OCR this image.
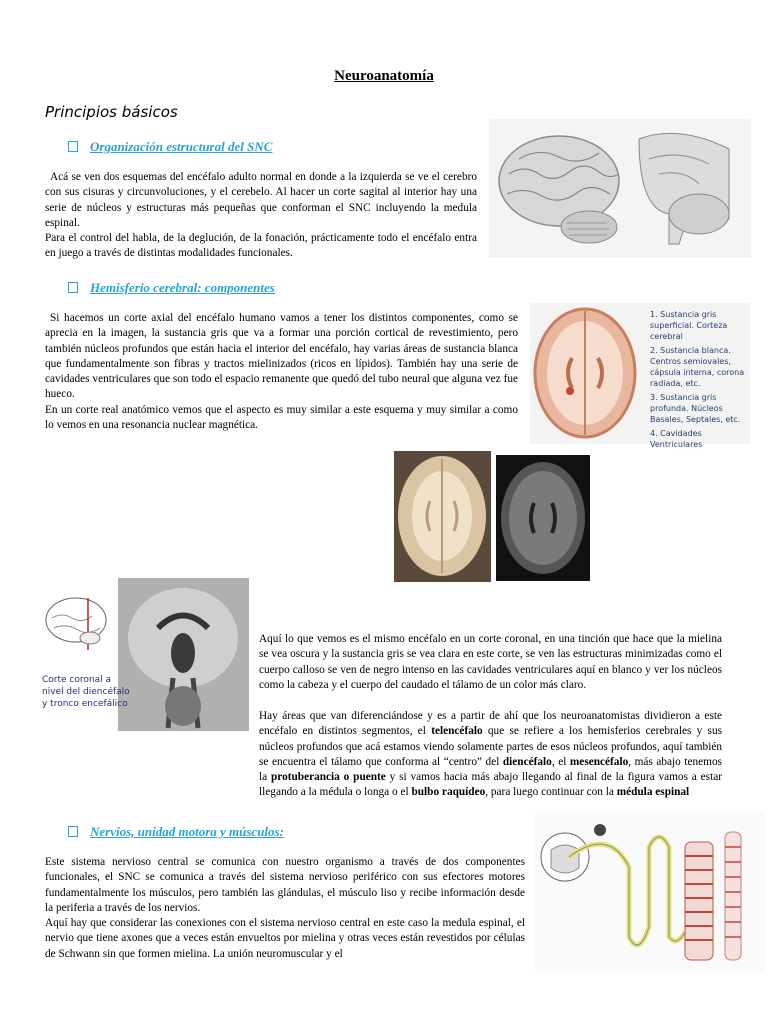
Neuroanatomía
Principios básicos
Organización estructural del SNC

Acá se ven dos esquemas del encéfalo adulto normal en donde a la izquierda se ve el cerebro con sus cisuras y circunvoluciones, y el cerebelo. Al hacer un corte sagital al interior hay una serie de núcleos y estructuras más pequeñas que conforman el SNC incluyendo la medula espinal.

Para el control del habla, de la deglución, de la fonación, prácticamente todo el encéfalo entra en juego a través de distintas modalidades funcionales.

Hemisferio cerebral: componentes

Si hacemos un corte axial del encéfalo humano vamos a tener los distintos componentes, como se aprecia en la imagen, la sustancia gris que va a formar una porción cortical de revestimiento, pero también núcleos profundos que están hacia el interior del encéfalo, hay varias áreas de sustancia blanca que fundamentalmente son fibras y tractos mielinizados (ricos en lípidos). También hay una serie de cavidades ventriculares que son todo el espacio remanente que quedó del tubo neural que alguna vez fue hueco.

En un corte real anatómico vemos que el aspecto es muy similar a este esquema y muy similar a como lo vemos en una resonancia nuclear magnética.

1. Sustancia gris superficial. Corteza cerebral
2. Sustancia blanca. Centros semiovales, cápsula interna, corona radiada, etc.
3. Sustancia gris profunda. Núcleos Basales, Septales, etc.
4. Cavidades Ventriculares
Corte coronal a nivel del diencéfalo y tronco encefálico
Aquí lo que vemos es el mismo encéfalo en un corte coronal, en una tinción que hace que la mielina se vea oscura y la sustancia gris se vea clara en este corte, se ven las estructuras minimizadas como el cuerpo calloso se ven de negro intenso en las cavidades ventriculares aquí en blanco y ver los núcleos como la cabeza y el cuerpo del caudado el tálamo de un color más claro.

Hay áreas que van diferenciándose y es a partir de ahí que los neuroanatomistas dividieron a este encéfalo en distintos segmentos, el telencéfalo que se refiere a los hemisferios cerebrales y sus núcleos profundos que acá estamos viendo solamente partes de esos núcleos profundos, aquí también se encuentra el tálamo que conforma al “centro” del diencéfalo, el mesencéfalo, más abajo tenemos la protuberancia o puente y si vamos hacia más abajo llegando al final de la figura vamos a estar llegando a la médula o longa o el bulbo raquídeo, para luego continuar con la médula espinal

Nervios, unidad motora y músculos:

Este sistema nervioso central se comunica con nuestro organismo a través de dos componentes funcionales, el SNC se comunica a través del sistema nervioso periférico con sus efectores motores fundamentalmente los músculos, pero también las glándulas, el músculo liso y recibe información desde la periferia a través de los nervios.

Aquí hay que considerar las conexiones con el sistema nervioso central en este caso la medula espinal, el nervio que tiene axones que a veces están envueltos por mielina y otras veces están revestidos por células de Schwann sin que formen mielina. La unión neuromuscular y el
